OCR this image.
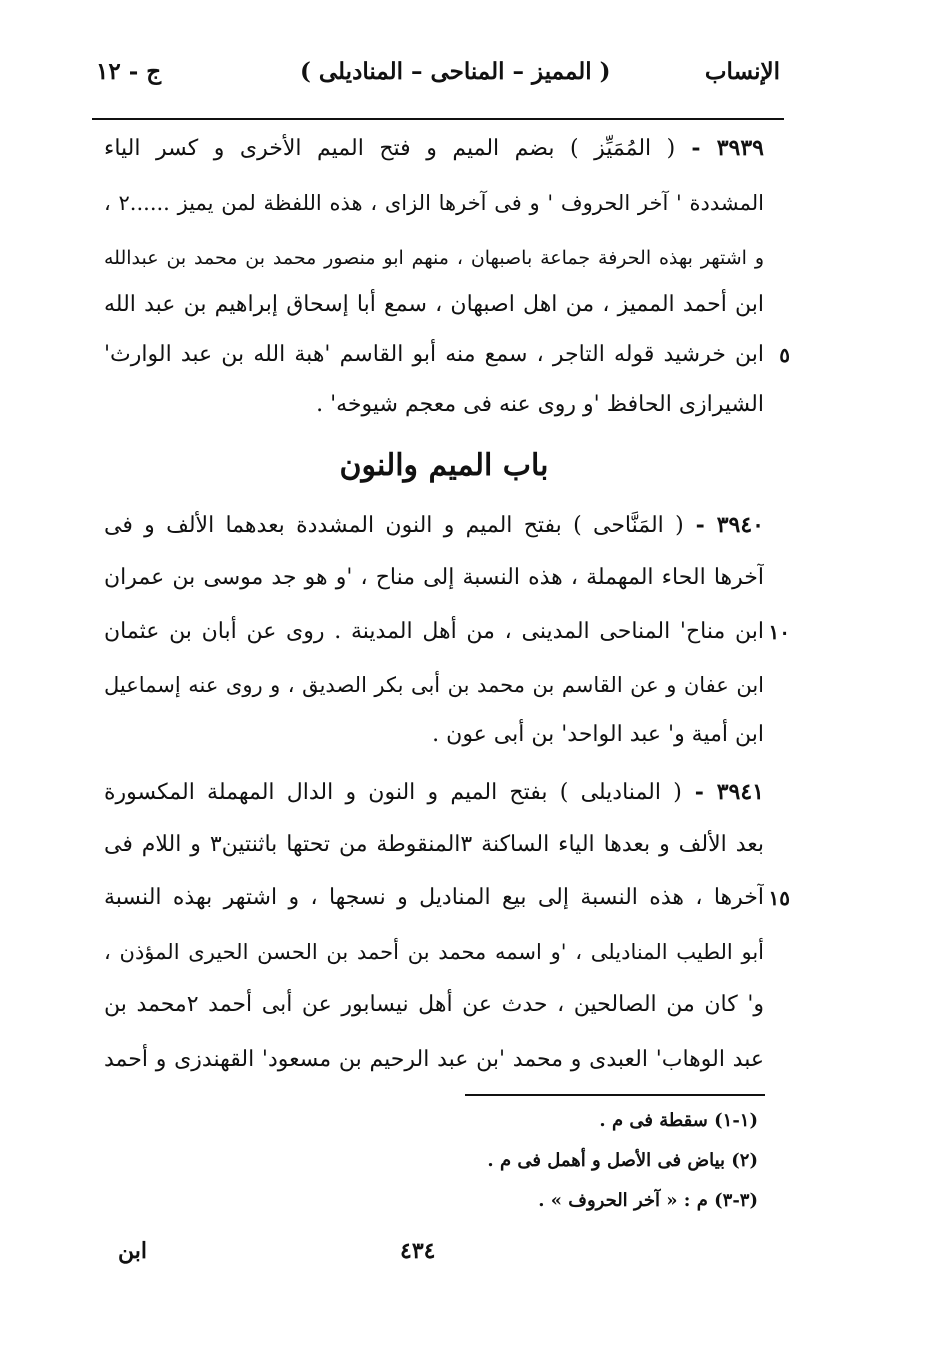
الإنساب
( المميز – المناحى – المناديلى )
ج - ١٢
٣٩٣٩ - ( المُمَيِّز ) بضم الميم و فتح الميم الأخرى و كسر الياء
المشددة ' آخر الحروف ' و فى آخرها الزاى ، هذه اللفظة لمن يميز ......٢ ،
و اشتهر بهذه الحرفة جماعة باصبهان ، منهم ابو منصور محمد بن محمد بن عبدالله
ابن أحمد المميز ، من اهل اصبهان ، سمع أبا إسحاق إبراهيم بن عبد الله
٥
ابن خرشيد قوله التاجر ، سمع منه أبو القاسم 'هبة الله بن عبد الوارث'
الشيرازى الحافظ 'و روى عنه فى معجم شيوخه' .
باب الميم والنون
٣٩٤٠ - ( المَنَّاحى ) بفتح الميم و النون المشددة بعدهما الألف و فى
آخرها الحاء المهملة ، هذه النسبة إلى مناح ، 'و هو جد موسى بن عمران
١٠
ابن مناح' المناحى المدينى ، من أهل المدينة . روى عن أبان بن عثمان
ابن عفان و عن القاسم بن محمد بن أبى بكر الصديق ، و روى عنه إسماعيل
ابن أمية و' عبد الواحد' بن أبى عون .
٣٩٤١ - ( المناديلى ) بفتح الميم و النون و الدال المهملة المكسورة
بعد الألف و بعدها الياء الساكنة ٣المنقوطة من تحتها باثنتين٣ و اللام فى
١٥
آخرها ، هذه النسبة إلى بيع المناديل و نسجها ، و اشتهر بهذه النسبة
أبو الطيب المناديلى ، 'و اسمه محمد بن أحمد بن الحسن الحيرى المؤذن ،
و' كان من الصالحين ، حدث عن أهل نيسابور عن أبى أحمد ٢محمد بن
عبد الوهاب' العبدى و محمد 'بن عبد الرحيم بن مسعود' القهندزى و أحمد
(١-١) سقطة فى م .
(٢) بياض فى الأصل و أهمل فى م .
(٣-٣) م : « آخر الحروف » .
٤٣٤
ابن
